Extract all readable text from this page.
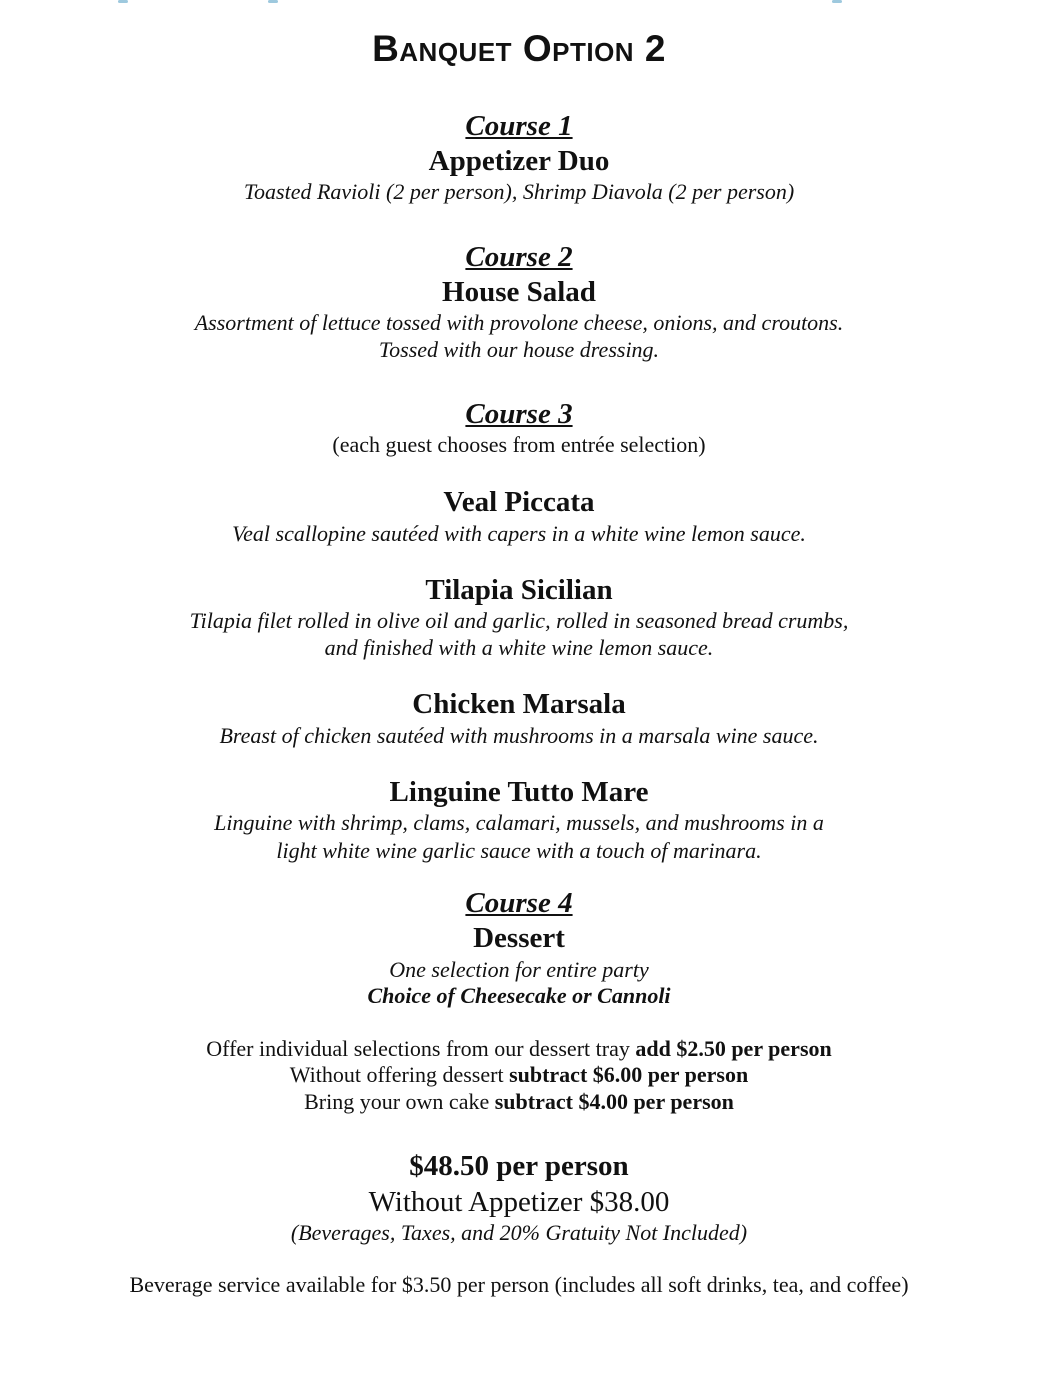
Banquet Option 2
Course 1
Appetizer Duo
Toasted Ravioli (2 per person), Shrimp Diavola (2 per person)
Course 2
House Salad
Assortment of lettuce tossed with provolone cheese, onions, and croutons.
Tossed with our house dressing.
Course 3
(each guest chooses from entrée selection)
Veal Piccata
Veal scallopine sautéed with capers in a white wine lemon sauce.
Tilapia Sicilian
Tilapia filet rolled in olive oil and garlic, rolled in seasoned bread crumbs,
and finished with a white wine lemon sauce.
Chicken Marsala
Breast of chicken sautéed with mushrooms in a marsala wine sauce.
Linguine Tutto Mare
Linguine with shrimp, clams, calamari, mussels, and mushrooms in a
light white wine garlic sauce with a touch of marinara.
Course 4
Dessert
One selection for entire party
Choice of Cheesecake or Cannoli
Offer individual selections from our dessert tray add $2.50 per person
Without offering dessert subtract $6.00 per person
Bring your own cake subtract $4.00 per person
$48.50 per person
Without Appetizer $38.00
(Beverages, Taxes, and 20% Gratuity Not Included)
Beverage service available for $3.50 per person (includes all soft drinks, tea, and coffee)
